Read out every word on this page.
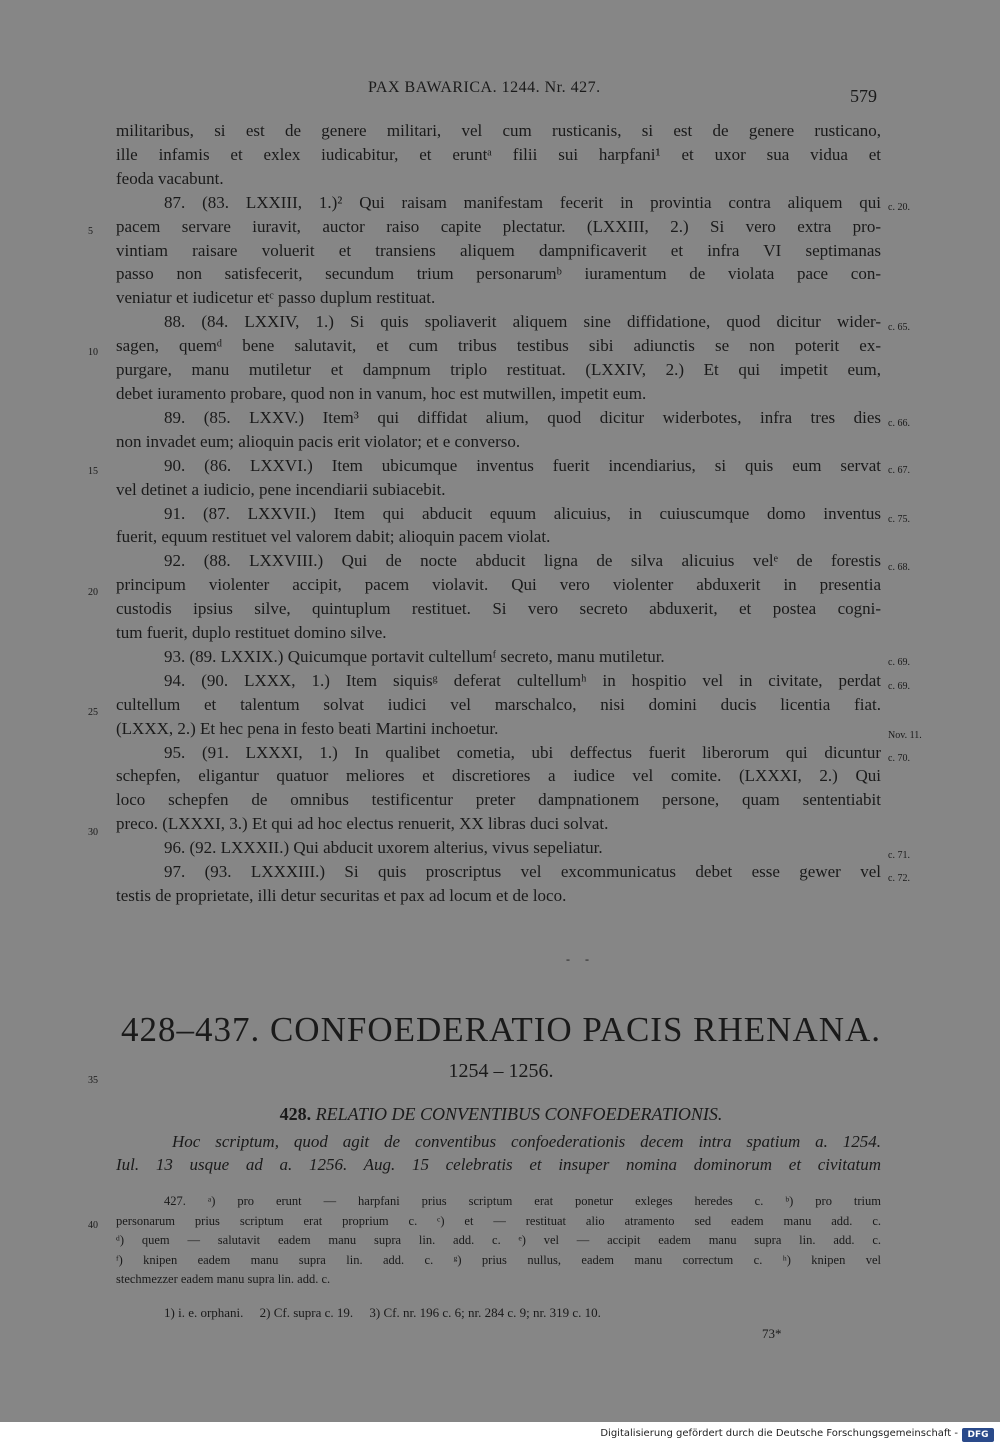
PAX BAWARICA. 1244. Nr. 427.	579
militaribus, si est de genere militari, vel cum rusticanis, si est de genere rusticano,
ille infamis et exlex iudicabitur, et eruntᵃ filii sui harpfani¹ et uxor sua vidua et
feoda vacabunt.
87. (83. LXXIII, 1.)² Qui raisam manifestam fecerit in provintia contra aliquem qui
pacem servare iuravit, auctor raiso capite plectatur. (LXXIII, 2.) Si vero extra pro-
vintiam raisare voluerit et transiens aliquem dampnificaverit et infra VI septimanas
passo non satisfecerit, secundum trium personarumᵇ iuramentum de violata pace con-
veniatur et iudicetur etᶜ passo duplum restituat.
88. (84. LXXIV, 1.) Si quis spoliaverit aliquem sine diffidatione, quod dicitur wider-
sagen, quemᵈ bene salutavit, et cum tribus testibus sibi adiunctis se non poterit ex-
purgare, manu mutiletur et dampnum triplo restituat. (LXXIV, 2.) Et qui impetit eum,
debet iuramento probare, quod non in vanum, hoc est mutwillen, impetit eum.
89. (85. LXXV.) Item³ qui diffidat alium, quod dicitur widerbotes, infra tres dies
non invadet eum; alioquin pacis erit violator; et e converso.
90. (86. LXXVI.) Item ubicumque inventus fuerit incendiarius, si quis eum servat
vel detinet a iudicio, pene incendiarii subiacebit.
91. (87. LXXVII.) Item qui abducit equum alicuius, in cuiuscumque domo inventus
fuerit, equum restituet vel valorem dabit; alioquin pacem violat.
92. (88. LXXVIII.) Qui de nocte abducit ligna de silva alicuius velᵉ de forestis
principum violenter accipit, pacem violavit. Qui vero violenter abduxerit in presentia
custodis ipsius silve, quintuplum restituet. Si vero secreto abduxerit, et postea cogni-
tum fuerit, duplo restituet domino silve.
93. (89. LXXIX.) Quicumque portavit cultellumᶠ secreto, manu mutiletur.
94. (90. LXXX, 1.) Item siquisᵍ deferat cultellumʰ in hospitio vel in civitate, perdat
cultellum et talentum solvat iudici vel marschalco, nisi domini ducis licentia fiat.
(LXXX, 2.) Et hec pena in festo beati Martini inchoetur.
95. (91. LXXXI, 1.) In qualibet cometia, ubi deffectus fuerit liberorum qui dicuntur
schepfen, eligantur quatuor meliores et discretiores a iudice vel comite. (LXXXI, 2.) Qui
loco schepfen de omnibus testificentur preter dampnationem persone, quam sententiabit
preco. (LXXXI, 3.) Et qui ad hoc electus renuerit, XX libras duci solvat.
96. (92. LXXXII.) Qui abducit uxorem alterius, vivus sepeliatur.
97. (93. LXXXIII.) Si quis proscriptus vel excommunicatus debet esse gewer vel
testis de proprietate, illi detur securitas et pax ad locum et de loco.
5
10
15
20
25
30
35
40
c. 20.
c. 65.
c. 66.
c. 67.
c. 75.
c. 68.
c. 69.
c. 69.
Nov. 11.
c. 70.
c. 71.
c. 72.
- -
428–437. CONFOEDERATIO PACIS RHENANA.
1254 – 1256.
428. RELATIO DE CONVENTIBUS CONFOEDERATIONIS.
Hoc scriptum, quod agit de conventibus confoederationis decem intra spatium a. 1254.
Iul. 13 usque ad a. 1256. Aug. 15 celebratis et insuper nomina dominorum et civitatum
427. ᵃ) pro erunt — harpfani prius scriptum erat ponetur exleges heredes c. ᵇ) pro trium
personarum prius scriptum erat proprium c. ᶜ) et — restituat alio atramento sed eadem manu add. c.
ᵈ) quem — salutavit eadem manu supra lin. add. c. ᵉ) vel — accipit eadem manu supra lin. add. c.
ᶠ) knipen eadem manu supra lin. add. c. ᵍ) prius nullus, eadem manu correctum c. ʰ) knipen vel
stechmezzer eadem manu supra lin. add. c.
1) i. e. orphani.     2) Cf. supra c. 19.     3) Cf. nr. 196 c. 6; nr. 284 c. 9; nr. 319 c. 10.
73*
Digitalisierung gefördert durch die Deutsche Forschungsgemeinschaft -	DFG
